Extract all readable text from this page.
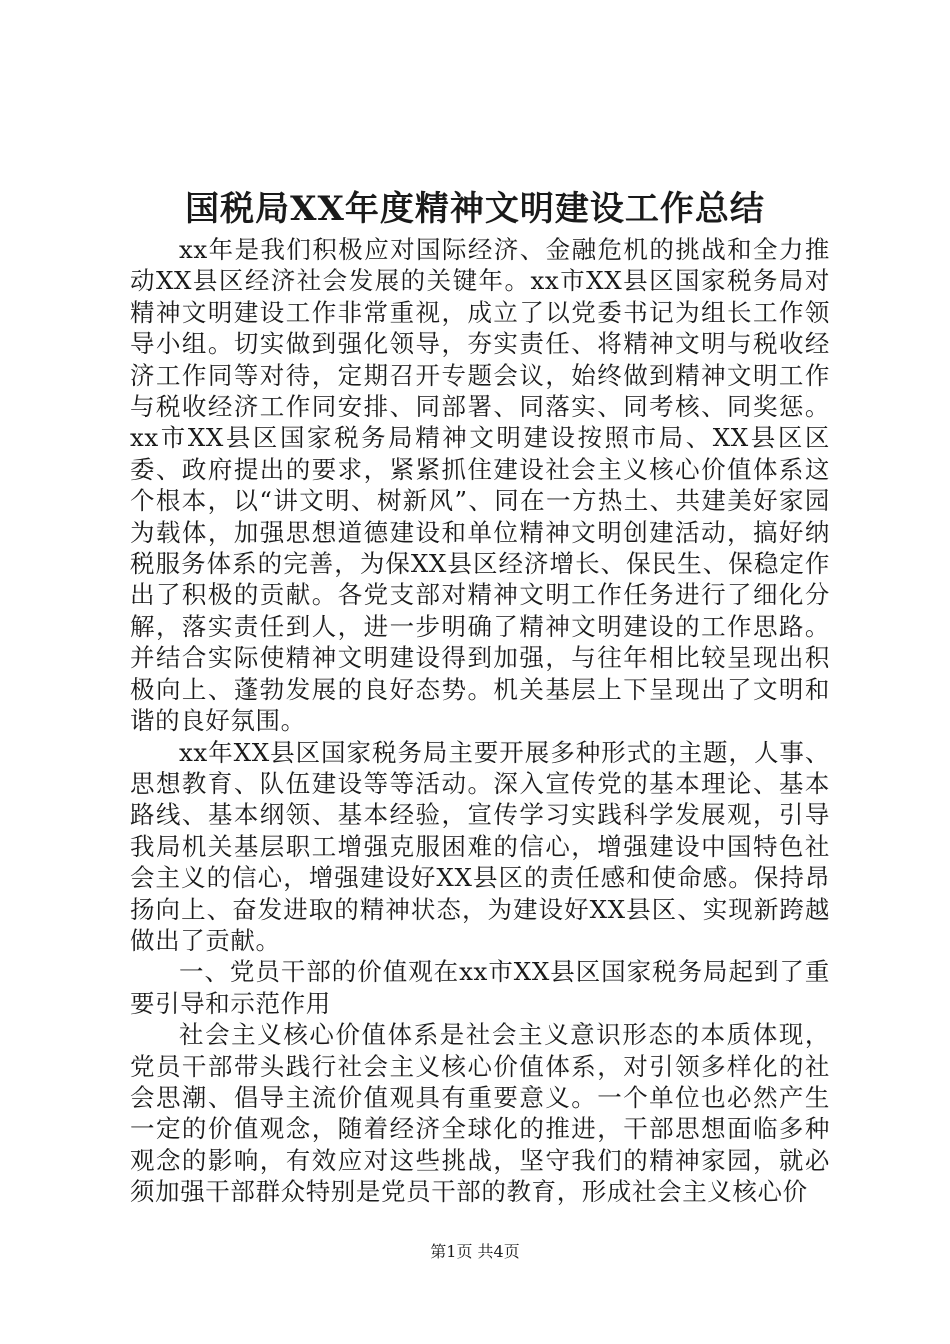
国税局XX年度精神文明建设工作总结

xx年是我们积极应对国际经济、金融危机的挑战和全力推动XX县区经济社会发展的关键年。xx市XX县区国家税务局对精神文明建设工作非常重视，成立了以党委书记为组长工作领导小组。切实做到强化领导，夯实责任、将精神文明与税收经济工作同等对待，定期召开专题会议，始终做到精神文明工作与税收经济工作同安排、同部署、同落实、同考核、同奖惩。xx市XX县区国家税务局精神文明建设按照市局、XX县区区委、政府提出的要求，紧紧抓住建设社会主义核心价值体系这个根本，以“讲文明、树新风”、同在一方热土、共建美好家园为载体，加强思想道德建设和单位精神文明创建活动，搞好纳税服务体系的完善，为保XX县区经济增长、保民生、保稳定作出了积极的贡献。各党支部对精神文明工作任务进行了细化分解，落实责任到人，进一步明确了精神文明建设的工作思路。并结合实际使精神文明建设得到加强，与往年相比较呈现出积极向上、蓬勃发展的良好态势。机关基层上下呈现出了文明和谐的良好氛围。

xx年XX县区国家税务局主要开展多种形式的主题，人事、思想教育、队伍建设等等活动。深入宣传党的基本理论、基本路线、基本纲领、基本经验，宣传学习实践科学发展观，引导我局机关基层职工增强克服困难的信心，增强建设中国特色社会主义的信心，增强建设好XX县区的责任感和使命感。保持昂扬向上、奋发进取的精神状态，为建设好XX县区、实现新跨越做出了贡献。

一、党员干部的价值观在xx市XX县区国家税务局起到了重要引导和示范作用

社会主义核心价值体系是社会主义意识形态的本质体现，党员干部带头践行社会主义核心价值体系，对引领多样化的社会思潮、倡导主流价值观具有重要意义。一个单位也必然产生一定的价值观念，随着经济全球化的推进，干部思想面临多种观念的影响，有效应对这些挑战，坚守我们的精神家园，就必须加强干部群众特别是党员干部的教育，形成社会主义核心价

第1页 共4页
